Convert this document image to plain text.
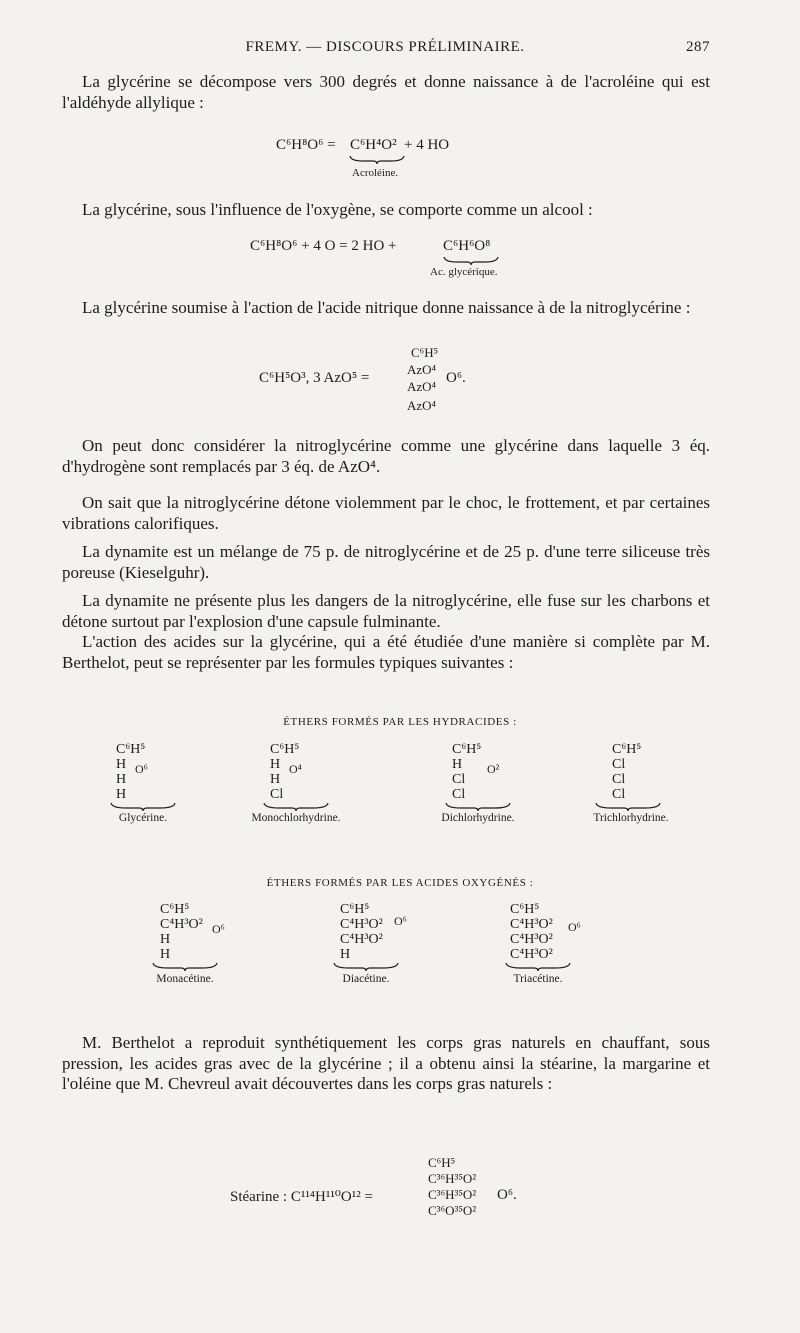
FREMY. — DISCOURS PRÉLIMINAIRE.	287
La glycérine se décompose vers 300 degrés et donne naissance à de l'acroléine qui est l'aldéhyde allylique :
C⁶H⁸O⁶ = C⁶H⁴O² + 4 HO
Acroléine.
La glycérine, sous l'influence de l'oxygène, se comporte comme un alcool :
C⁶H⁸O⁶ + 4 O = 2 HO +	C⁶H⁶O⁸
Ac. glycérique.
La glycérine soumise à l'action de l'acide nitrique donne naissance à de la nitroglycérine :
C⁶H⁵
C⁶H⁵O³, 3 AzO⁵ =
AzO⁴
AzO⁴
AzO⁴
O⁶.
On peut donc considérer la nitroglycérine comme une glycérine dans laquelle 3 éq. d'hydrogène sont remplacés par 3 éq. de AzO⁴.
On sait que la nitroglycérine détone violemment par le choc, le frottement, et par certaines vibrations calorifiques.
La dynamite est un mélange de 75 p. de nitroglycérine et de 25 p. d'une terre siliceuse très poreuse (Kieselguhr).
La dynamite ne présente plus les dangers de la nitroglycérine, elle fuse sur les charbons et détone surtout par l'explosion d'une capsule fulminante.
L'action des acides sur la glycérine, qui a été étudiée d'une manière si complète par M. Berthelot, peut se représenter par les formules typiques suivantes :
ÉTHERS FORMÉS PAR LES HYDRACIDES :
C⁶H⁵
H
H
H
O⁶
Glycérine.
C⁶H⁵
H
H
Cl
O⁴
Monochlorhydrine.
C⁶H⁵
H
Cl
Cl
O²
Dichlorhydrine.
C⁶H⁵
Cl
Cl
Cl
Trichlorhydrine.
ÉTHERS FORMÉS PAR LES ACIDES OXYGÉNÉS :
C⁶H⁵
C⁴H³O²
H
H
O⁶
Monacétine.
C⁶H⁵
C⁴H³O²
C⁴H³O²
H
O⁶
Diacétine.
C⁶H⁵
C⁴H³O²
C⁴H³O²
C⁴H³O²
O⁶
Triacétine.
M. Berthelot a reproduit synthétiquement les corps gras naturels en chauffant, sous pression, les acides gras avec de la glycérine ; il a obtenu ainsi la stéarine, la margarine et l'oléine que M. Chevreul avait découvertes dans les corps gras naturels :
Stéarine : C¹¹⁴H¹¹⁰O¹² =
C⁶H⁵
C³⁶H³⁵O²
C³⁶H³⁵O²
C³⁶O³⁵O²
O⁶.
